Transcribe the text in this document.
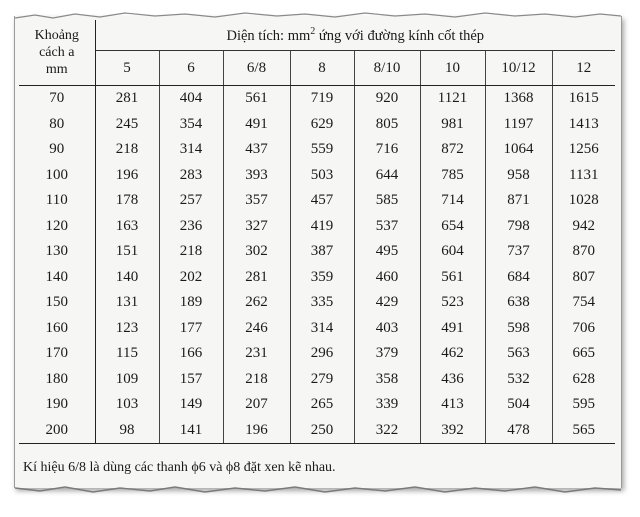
Khoảng
cách a
mm	Diện tích: $mm^2$ ứng với đường kính cốt thép							
	5	6	6/8	8	8/10	10	10/12	12
70	281	404	561	719	920	1121	1368	1615
80	245	354	491	629	805	981	1197	1413
90	218	314	437	559	716	872	1064	1256
100	196	283	393	503	644	785	958	1131
110	178	257	357	457	585	714	871	1028
120	163	236	327	419	537	654	798	942
130	151	218	302	387	495	604	737	870
140	140	202	281	359	460	561	684	807
150	131	189	262	335	429	523	638	754
160	123	177	246	314	403	491	598	706
170	115	166	231	296	379	462	563	665
180	109	157	218	279	358	436	532	628
190	103	149	207	265	339	413	504	595
200	98	141	196	250	322	392	478	565
Kí hiệu 6/8 là dùng các thanh ϕ6 và ϕ8 đặt xen kẽ nhau.
